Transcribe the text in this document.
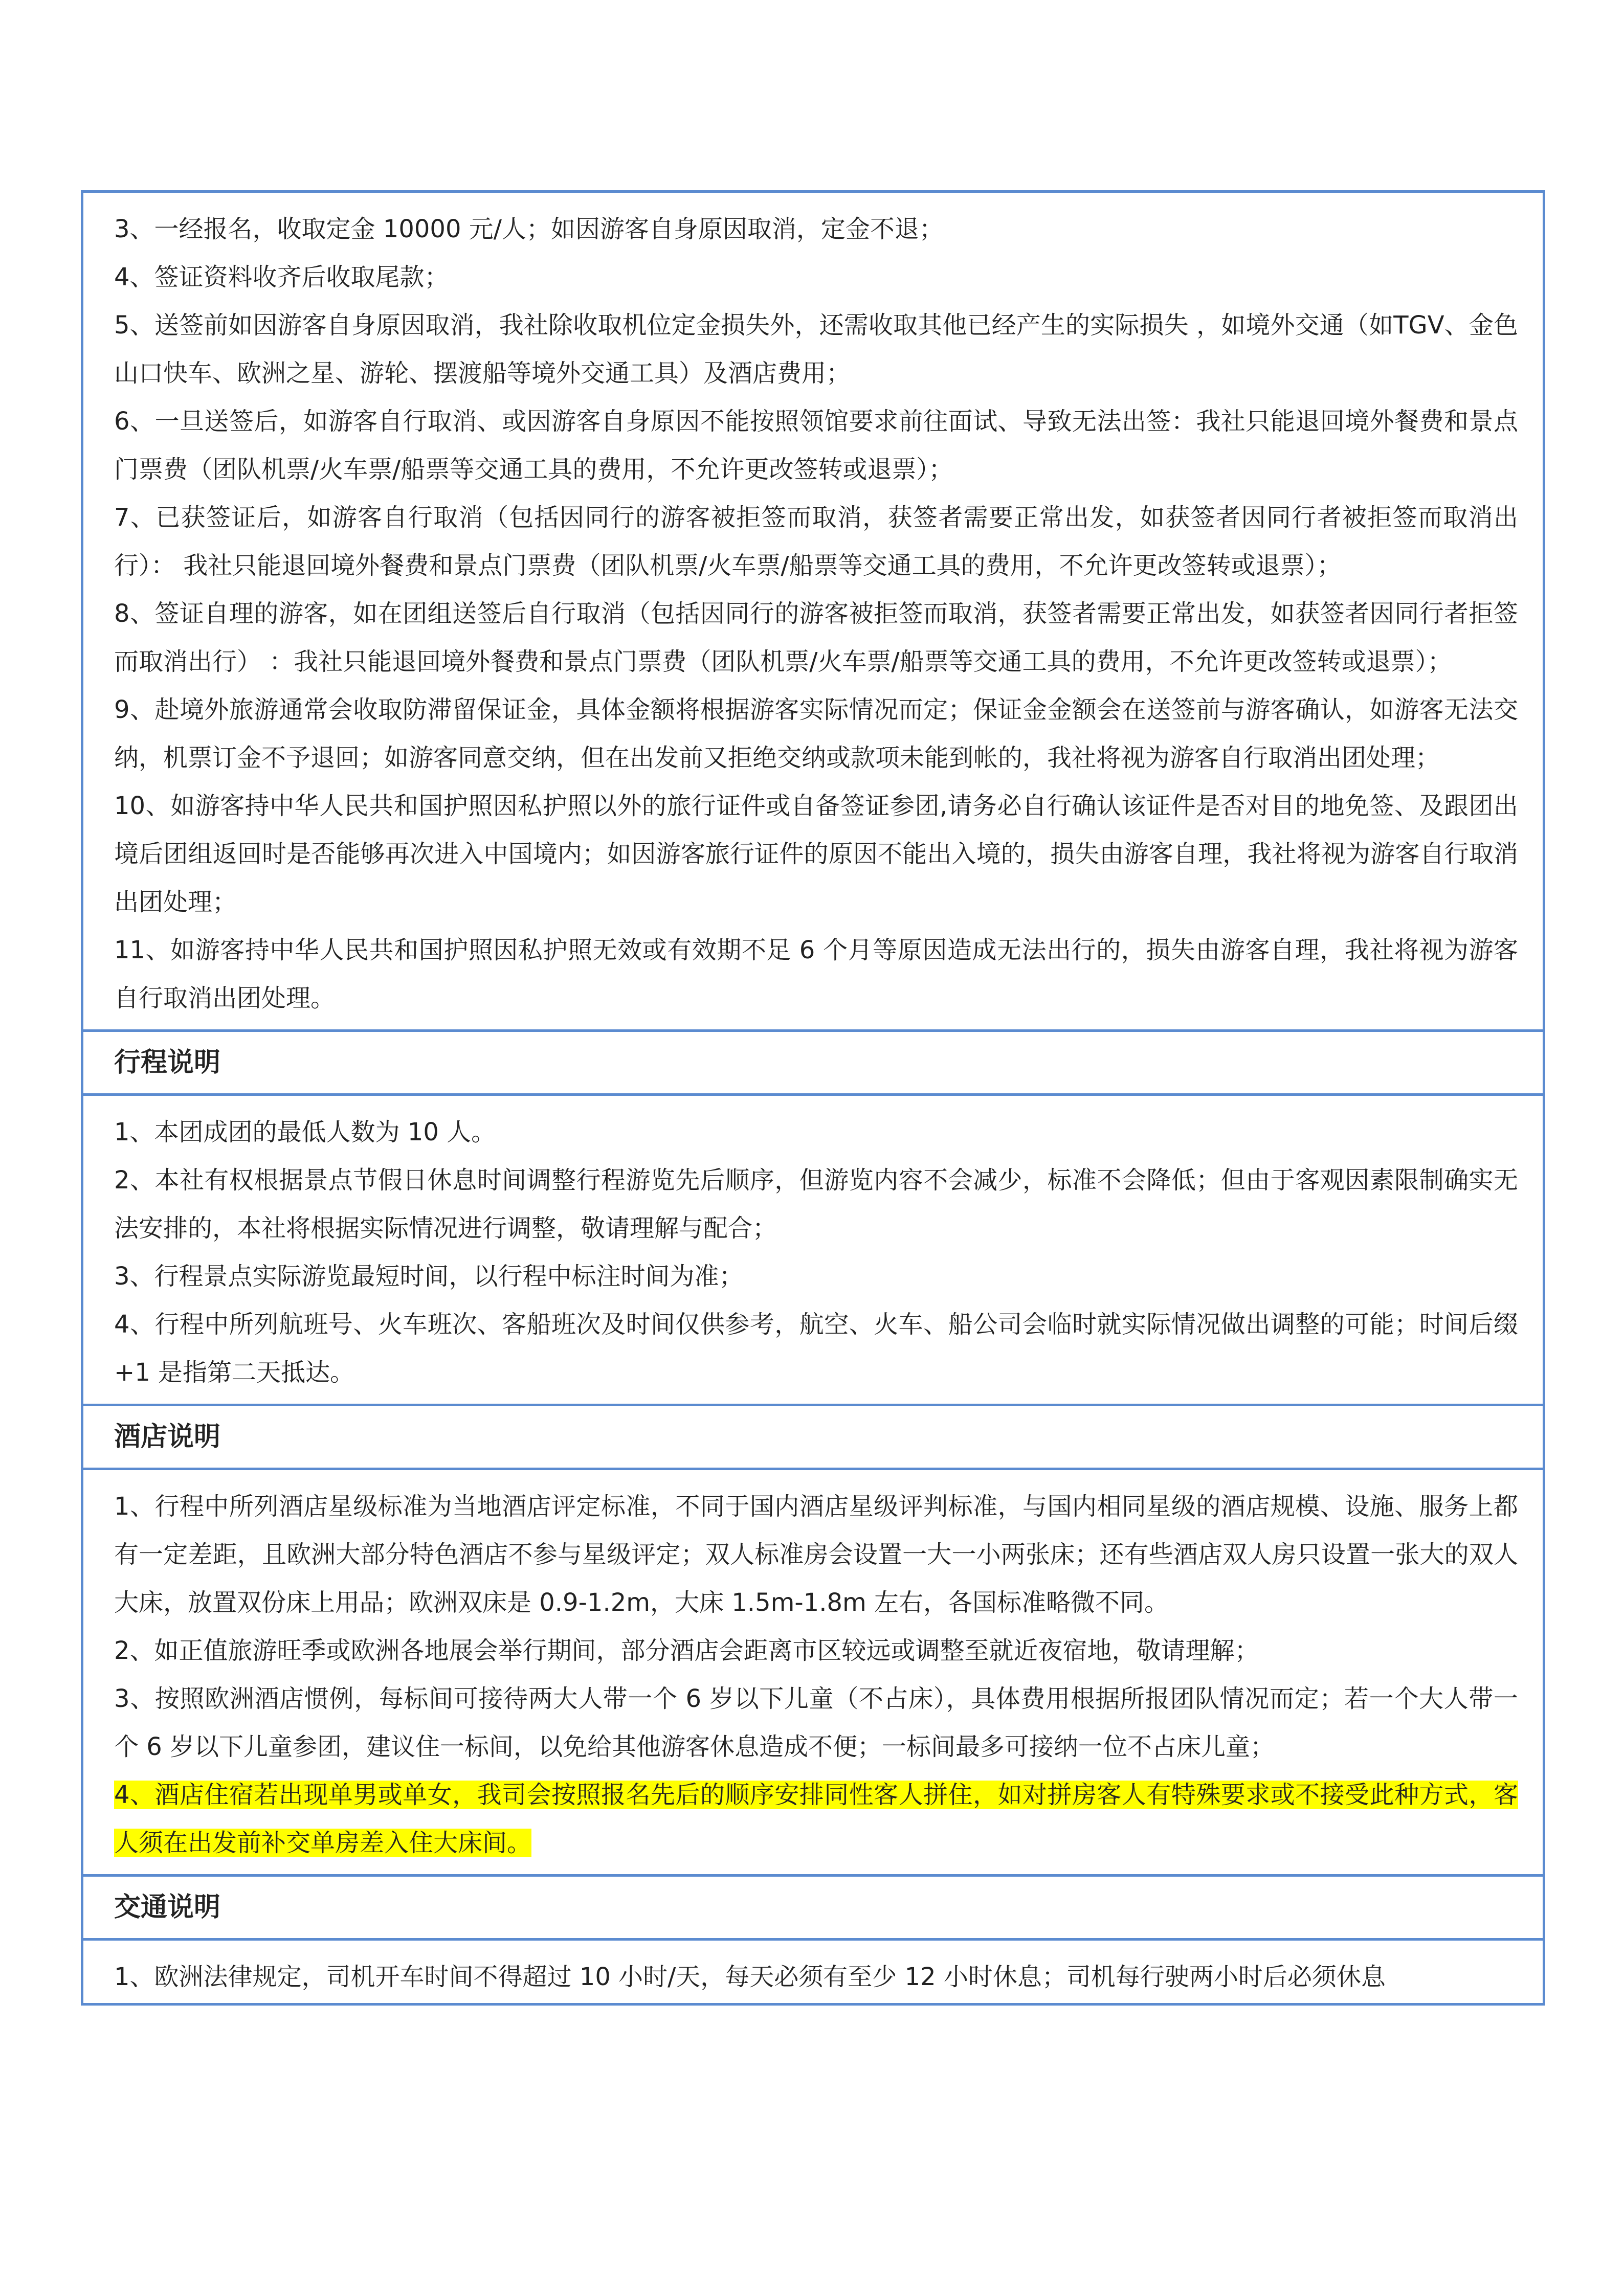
3、一经报名，收取定金 10000 元/人；如因游客自身原因取消，定金不退；

4、签证资料收齐后收取尾款；

5、送签前如因游客自身原因取消，我社除收取机位定金损失外，还需收取其他已经产生的实际损失 ，如境外交通（如TGV、金色山口快车、欧洲之星、游轮、摆渡船等境外交通工具）及酒店费用；

6、一旦送签后，如游客自行取消、或因游客自身原因不能按照领馆要求前往面试、导致无法出签：我社只能退回境外餐费和景点门票费（团队机票/火车票/船票等交通工具的费用，不允许更改签转或退票）；

7、已获签证后，如游客自行取消（包括因同行的游客被拒签而取消，获签者需要正常出发，如获签者因同行者被拒签而取消出行）： 我社只能退回境外餐费和景点门票费（团队机票/火车票/船票等交通工具的费用，不允许更改签转或退票）；

8、签证自理的游客，如在团组送签后自行取消（包括因同行的游客被拒签而取消，获签者需要正常出发，如获签者因同行者拒签而取消出行） ：我社只能退回境外餐费和景点门票费（团队机票/火车票/船票等交通工具的费用，不允许更改签转或退票）；

9、赴境外旅游通常会收取防滞留保证金，具体金额将根据游客实际情况而定；保证金金额会在送签前与游客确认，如游客无法交纳，机票订金不予退回；如游客同意交纳，但在出发前又拒绝交纳或款项未能到帐的，我社将视为游客自行取消出团处理；

10、如游客持中华人民共和国护照因私护照以外的旅行证件或自备签证参团,请务必自行确认该证件是否对目的地免签、及跟团出境后团组返回时是否能够再次进入中国境内；如因游客旅行证件的原因不能出入境的，损失由游客自理，我社将视为游客自行取消出团处理；

11、如游客持中华人民共和国护照因私护照无效或有效期不足 6 个月等原因造成无法出行的，损失由游客自理，我社将视为游客自行取消出团处理。

行程说明

1、本团成团的最低人数为 10 人。

2、本社有权根据景点节假日休息时间调整行程游览先后顺序，但游览内容不会减少，标准不会降低；但由于客观因素限制确实无法安排的，本社将根据实际情况进行调整，敬请理解与配合；

3、行程景点实际游览最短时间，以行程中标注时间为准；

4、行程中所列航班号、火车班次、客船班次及时间仅供参考，航空、火车、船公司会临时就实际情况做出调整的可能；时间后缀+1 是指第二天抵达。

酒店说明

1、行程中所列酒店星级标准为当地酒店评定标准，不同于国内酒店星级评判标准，与国内相同星级的酒店规模、设施、服务上都有一定差距，且欧洲大部分特色酒店不参与星级评定；双人标准房会设置一大一小两张床；还有些酒店双人房只设置一张大的双人大床，放置双份床上用品；欧洲双床是 0.9-1.2m，大床 1.5m-1.8m 左右，各国标准略微不同。

2、如正值旅游旺季或欧洲各地展会举行期间，部分酒店会距离市区较远或调整至就近夜宿地，敬请理解；

3、按照欧洲酒店惯例，每标间可接待两大人带一个 6 岁以下儿童（不占床），具体费用根据所报团队情况而定；若一个大人带一个 6 岁以下儿童参团，建议住一标间，以免给其他游客休息造成不便；一标间最多可接纳一位不占床儿童；

4、酒店住宿若出现单男或单女，我司会按照报名先后的顺序安排同性客人拼住，如对拼房客人有特殊要求或不接受此种方式，客人须在出发前补交单房差入住大床间。

交通说明

1、欧洲法律规定，司机开车时间不得超过 10 小时/天，每天必须有至少 12 小时休息；司机每行驶两小时后必须休息
